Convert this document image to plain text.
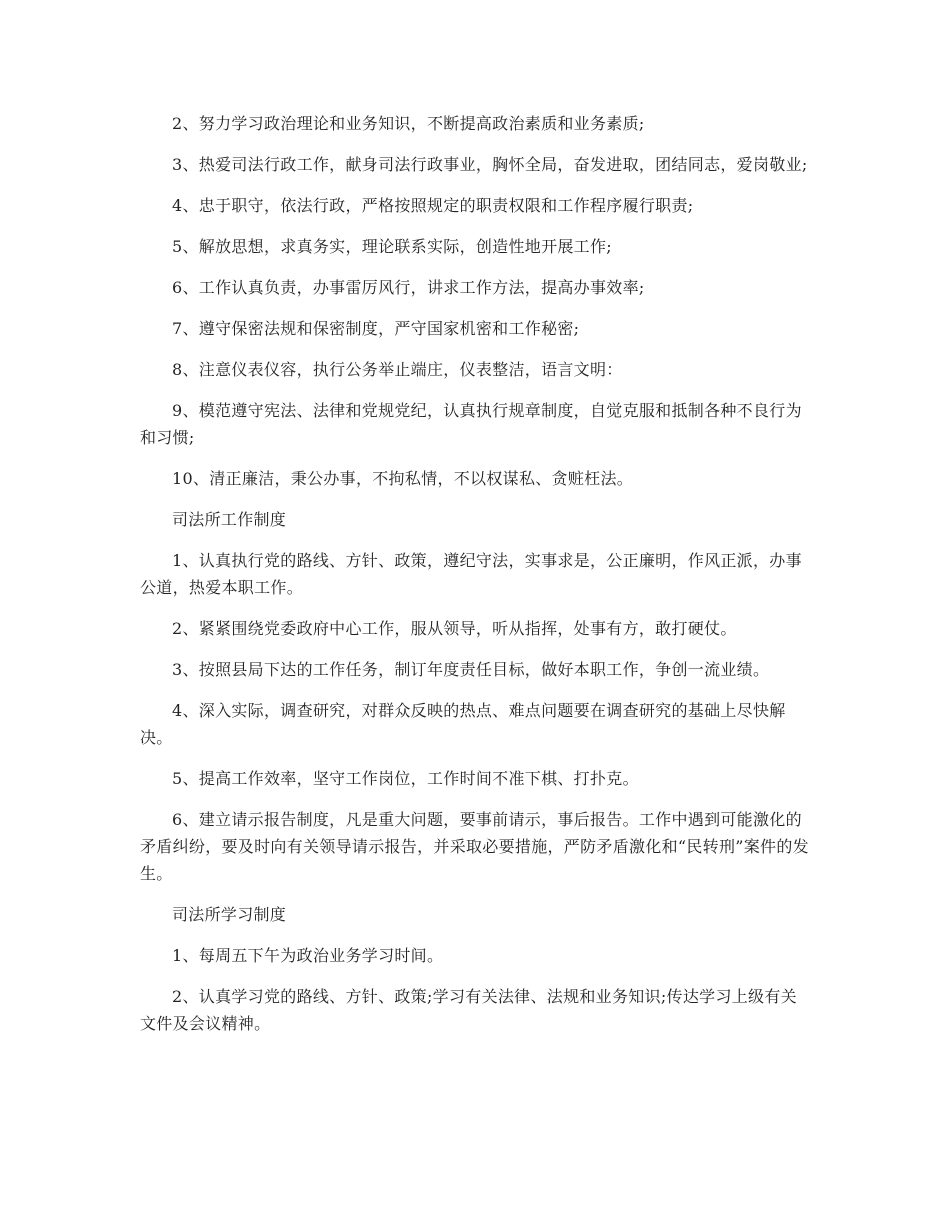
2、努力学习政治理论和业务知识，不断提高政治素质和业务素质;

3、热爱司法行政工作，献身司法行政事业，胸怀全局，奋发进取，团结同志，爱岗敬业;

4、忠于职守，依法行政，严格按照规定的职责权限和工作程序履行职责;

5、解放思想，求真务实，理论联系实际，创造性地开展工作;

6、工作认真负责，办事雷厉风行，讲求工作方法，提高办事效率;

7、遵守保密法规和保密制度，严守国家机密和工作秘密;

8、注意仪表仪容，执行公务举止端庄，仪表整洁，语言文明：

9、模范遵守宪法、法律和党规党纪，认真执行规章制度，自觉克服和抵制各种不良行为和习惯;

10、清正廉洁，秉公办事，不拘私情，不以权谋私、贪赃枉法。

司法所工作制度

1、认真执行党的路线、方针、政策，遵纪守法，实事求是，公正廉明，作风正派，办事公道，热爱本职工作。

2、紧紧围绕党委政府中心工作，服从领导，听从指挥，处事有方，敢打硬仗。

3、按照县局下达的工作任务，制订年度责任目标，做好本职工作，争创一流业绩。

4、深入实际，调查研究，对群众反映的热点、难点问题要在调查研究的基础上尽快解决。

5、提高工作效率，坚守工作岗位，工作时间不准下棋、打扑克。

6、建立请示报告制度，凡是重大问题，要事前请示，事后报告。工作中遇到可能激化的矛盾纠纷，要及时向有关领导请示报告，并采取必要措施，严防矛盾激化和“民转刑”案件的发生。

司法所学习制度

1、每周五下午为政治业务学习时间。

2、认真学习党的路线、方针、政策;学习有关法律、法规和业务知识;传达学习上级有关文件及会议精神。
